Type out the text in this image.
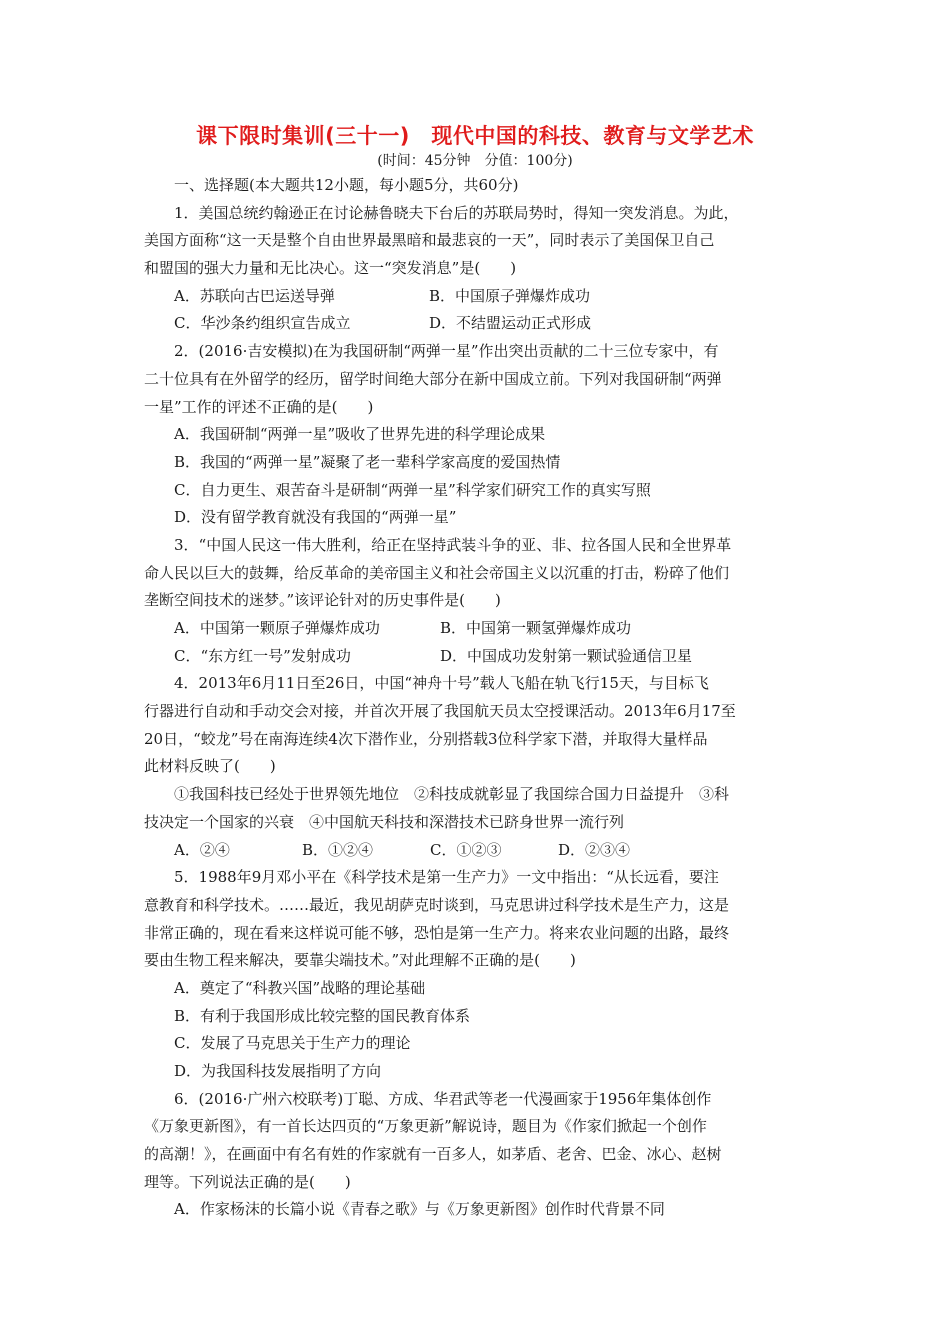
课下限时集训(三十一)　现代中国的科技、教育与文学艺术
(时间：45分钟　分值：100分)
一、选择题(本大题共12小题，每小题5分，共60分)
1．美国总统约翰逊正在讨论赫鲁晓夫下台后的苏联局势时，得知一突发消息。为此，
美国方面称“这一天是整个自由世界最黑暗和最悲哀的一天”，同时表示了美国保卫自己
和盟国的强大力量和无比决心。这一“突发消息”是(　　)
A．苏联向古巴运送导弹	B．中国原子弹爆炸成功
C．华沙条约组织宣告成立	D．不结盟运动正式形成
2．(2016·吉安模拟)在为我国研制“两弹一星”作出突出贡献的二十三位专家中，有
二十位具有在外留学的经历，留学时间绝大部分在新中国成立前。下列对我国研制“两弹
一星”工作的评述不正确的是(　　)
A．我国研制“两弹一星”吸收了世界先进的科学理论成果
B．我国的“两弹一星”凝聚了老一辈科学家高度的爱国热情
C．自力更生、艰苦奋斗是研制“两弹一星”科学家们研究工作的真实写照
D．没有留学教育就没有我国的“两弹一星”
3．“中国人民这一伟大胜利，给正在坚持武装斗争的亚、非、拉各国人民和全世界革
命人民以巨大的鼓舞，给反革命的美帝国主义和社会帝国主义以沉重的打击，粉碎了他们
垄断空间技术的迷梦。”该评论针对的历史事件是(　　)
A．中国第一颗原子弹爆炸成功	B．中国第一颗氢弹爆炸成功
C．“东方红一号”发射成功	D．中国成功发射第一颗试验通信卫星
4．2013年6月11日至26日，中国“神舟十号”载人飞船在轨飞行15天，与目标飞
行器进行自动和手动交会对接，并首次开展了我国航天员太空授课活动。2013年6月17至
20日，“蛟龙”号在南海连续4次下潜作业，分别搭载3位科学家下潜，并取得大量样品
此材料反映了(　　)
①我国科技已经处于世界领先地位　②科技成就彰显了我国综合国力日益提升　③科
技决定一个国家的兴衰　④中国航天科技和深潜技术已跻身世界一流行列
A．②④	B．①②④	C．①②③	D．②③④
5．1988年9月邓小平在《科学技术是第一生产力》一文中指出：“从长远看，要注
意教育和科学技术。……最近，我见胡萨克时谈到，马克思讲过科学技术是生产力，这是
非常正确的，现在看来这样说可能不够，恐怕是第一生产力。将来农业问题的出路，最终
要由生物工程来解决，要靠尖端技术。”对此理解不正确的是(　　)
A．奠定了“科教兴国”战略的理论基础
B．有利于我国形成比较完整的国民教育体系
C．发展了马克思关于生产力的理论
D．为我国科技发展指明了方向
6．(2016·广州六校联考)丁聪、方成、华君武等老一代漫画家于1956年集体创作
《万象更新图》，有一首长达四页的“万象更新”解说诗，题目为《作家们掀起一个创作
的高潮！》，在画面中有名有姓的作家就有一百多人，如茅盾、老舍、巴金、冰心、赵树
理等。下列说法正确的是(　　)
A．作家杨沫的长篇小说《青春之歌》与《万象更新图》创作时代背景不同
